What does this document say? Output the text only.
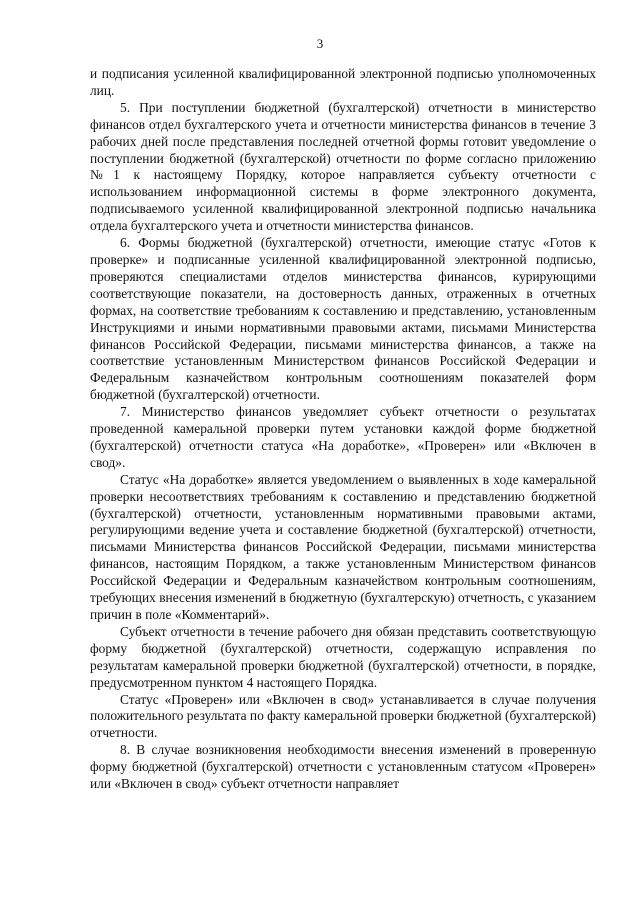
3

и подписания усиленной квалифицированной электронной подписью уполномоченных лиц.

5. При поступлении бюджетной (бухгалтерской) отчетности в министерство финансов отдел бухгалтерского учета и отчетности министерства финансов в течение 3 рабочих дней после представления последней отчетной формы готовит уведомление о поступлении бюджетной (бухгалтерской) отчетности по форме согласно приложению №1 к настоящему Порядку, которое направляется субъекту отчетности с использованием информационной системы в форме электронного документа, подписываемого усиленной квалифицированной электронной подписью начальника отдела бухгалтерского учета и отчетности министерства финансов.

6. Формы бюджетной (бухгалтерской) отчетности, имеющие статус «Готов к проверке» и подписанные усиленной квалифицированной электронной подписью, проверяются специалистами отделов министерства финансов, курирующими соответствующие показатели, на достоверность данных, отраженных в отчетных формах, на соответствие требованиям к составлению и представлению, установленным Инструкциями и иными нормативными правовыми актами, письмами Министерства финансов Российской Федерации, письмами министерства финансов, а также на соответствие установленным Министерством финансов Российской Федерации и Федеральным казначейством контрольным соотношениям показателей форм бюджетной (бухгалтерской) отчетности.

7. Министерство финансов уведомляет субъект отчетности о результатах проведенной камеральной проверки путем установки каждой форме бюджетной (бухгалтерской) отчетности статуса «На доработке», «Проверен» или «Включен в свод».

Статус «На доработке» является уведомлением о выявленных в ходе камеральной проверки несоответствиях требованиям к составлению и представлению бюджетной (бухгалтерской) отчетности, установленным нормативными правовыми актами, регулирующими ведение учета и составление бюджетной (бухгалтерской) отчетности, письмами Министерства финансов Российской Федерации, письмами министерства финансов, настоящим Порядком, а также установленным Министерством финансов Российской Федерации и Федеральным казначейством контрольным соотношениям, требующих внесения изменений в бюджетную (бухгалтерскую) отчетность, с указанием причин в поле «Комментарий».

Субъект отчетности в течение рабочего дня обязан представить соответствующую форму бюджетной (бухгалтерской) отчетности, содержащую исправления по результатам камеральной проверки бюджетной (бухгалтерской) отчетности, в порядке, предусмотренном пунктом 4 настоящего Порядка.

Статус «Проверен» или «Включен в свод» устанавливается в случае получения положительного результата по факту камеральной проверки бюджетной (бухгалтерской) отчетности.

8. В случае возникновения необходимости внесения изменений в проверенную форму бюджетной (бухгалтерской) отчетности с установленным статусом «Проверен» или «Включен в свод» субъект отчетности направляет
